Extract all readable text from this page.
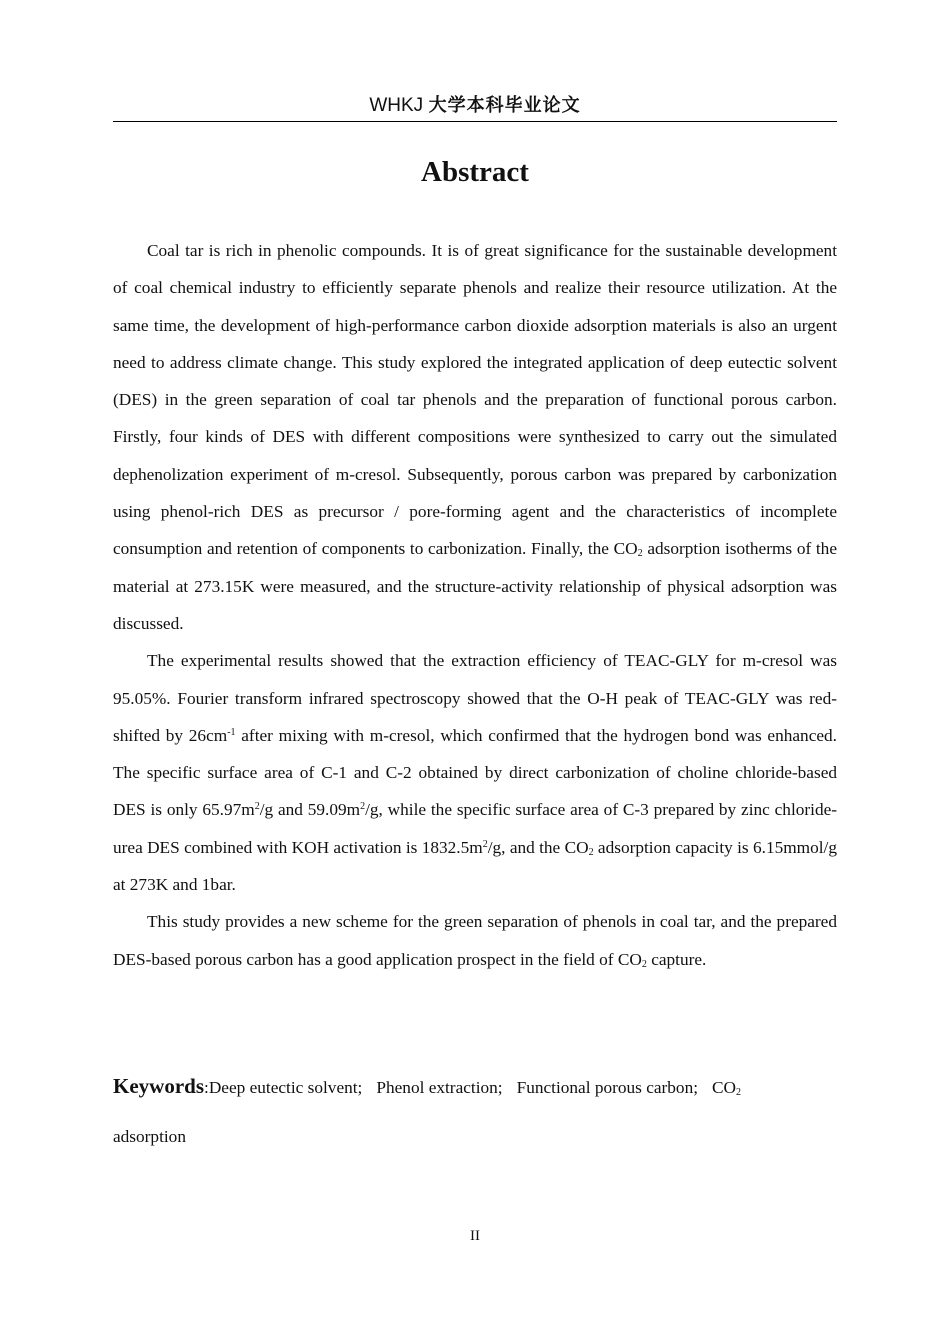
WHKJ 大学本科毕业论文
Abstract

Coal tar is rich in phenolic compounds. It is of great significance for the sustainable development of coal chemical industry to efficiently separate phenols and realize their resource utilization. At the same time, the development of high-performance carbon dioxide adsorption materials is also an urgent need to address climate change. This study explored the integrated application of deep eutectic solvent (DES) in the green separation of coal tar phenols and the preparation of functional porous carbon. Firstly, four kinds of DES with different compositions were synthesized to carry out the simulated dephenolization experiment of m-cresol. Subsequently, porous carbon was prepared by carbonization using phenol-rich DES as precursor / pore-forming agent and the characteristics of incomplete consumption and retention of components to carbonization. Finally, the $CO_2$ adsorption isotherms of the material at 273.15K were measured, and the structure-activity relationship of physical adsorption was discussed.

The experimental results showed that the extraction efficiency of TEAC-GLY for m-cresol was 95.05%. Fourier transform infrared spectroscopy showed that the O-H peak of TEAC-GLY was red-shifted by $26cm^{-1}$ after mixing with m-cresol, which confirmed that the hydrogen bond was enhanced. The specific surface area of C-1 and C-2 obtained by direct carbonization of choline chloride-based DES is only $65.97m^2/g$ and $59.09m^2/g$, while the specific surface area of C-3 prepared by zinc chloride-urea DES combined with KOH activation is $1832.5m^2/g$, and the $CO_2$ adsorption capacity is 6.15mmol/g at 273K and 1bar.

This study provides a new scheme for the green separation of phenols in coal tar, and the prepared DES-based porous carbon has a good application prospect in the field of $CO_2$ capture.

Keywords:Deep eutectic solvent; Phenol extraction; Functional porous carbon; $CO_2$
adsorption

II
